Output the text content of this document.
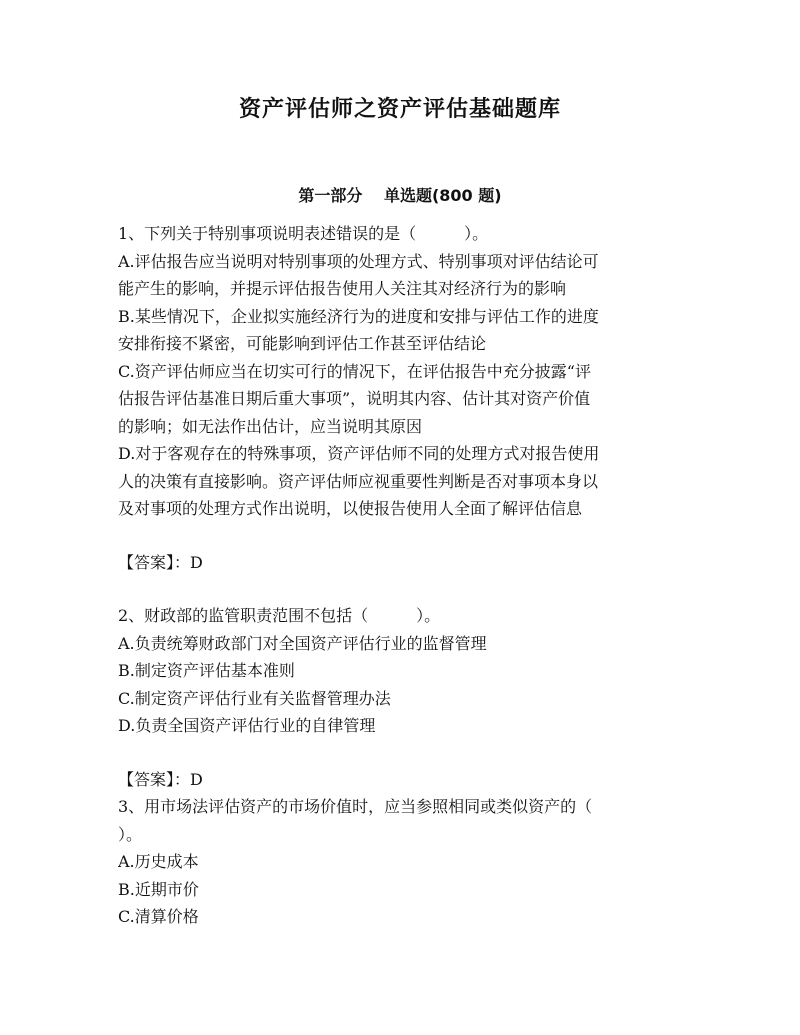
资产评估师之资产评估基础题库
第一部分　 单选题(800 题)
1、下列关于特别事项说明表述错误的是（　　　）。
A.评估报告应当说明对特别事项的处理方式、特别事项对评估结论可
能产生的影响，并提示评估报告使用人关注其对经济行为的影响
B.某些情况下，企业拟实施经济行为的进度和安排与评估工作的进度
安排衔接不紧密，可能影响到评估工作甚至评估结论
C.资产评估师应当在切实可行的情况下，在评估报告中充分披露“评
估报告评估基准日期后重大事项”，说明其内容、估计其对资产价值
的影响；如无法作出估计，应当说明其原因
D.对于客观存在的特殊事项，资产评估师不同的处理方式对报告使用
人的决策有直接影响。资产评估师应视重要性判断是否对事项本身以
及对事项的处理方式作出说明，以使报告使用人全面了解评估信息
【答案】：D
2、财政部的监管职责范围不包括（　　　）。
A.负责统筹财政部门对全国资产评估行业的监督管理
B.制定资产评估基本准则
C.制定资产评估行业有关监督管理办法
D.负责全国资产评估行业的自律管理
【答案】：D
3、用市场法评估资产的市场价值时，应当参照相同或类似资产的（
）。
A.历史成本
B.近期市价
C.清算价格
